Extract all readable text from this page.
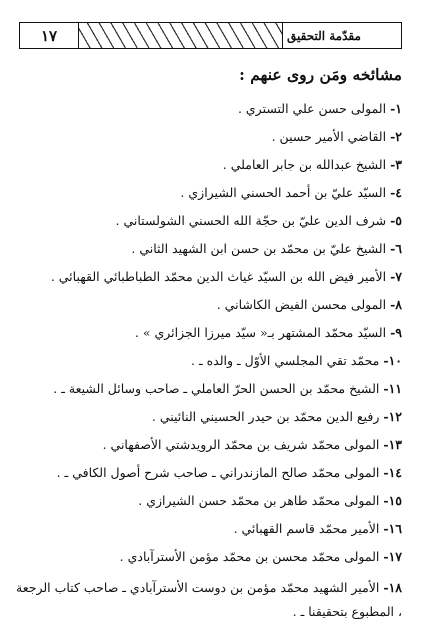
١٧	مقدّمة التحقيق
مشائخه ومَن روى عنهم :
١- المولى حسن علي التستري .
٢- القاضي الأمير حسين .
٣- الشيخ عبدالله بن جابر العاملي .
٤- السيّد عليّ بن أحمد الحسني الشيرازي .
٥- شرف الدين عليّ بن حجّة الله الحسني الشولستاني .
٦- الشيخ عليّ بن محمّد بن حسن ابن الشهيد الثاني .
٧- الأمير فيض الله بن السيّد غياث الدين محمّد الطباطبائي القهبائي .
٨- المولى محسن الفيض الكاشاني .
٩- السيّد محمّد المشتهر بـ« سيّد ميرزا الجزائري » .
١٠- محمّد تقي المجلسي الأوّل ـ والده ـ .
١١- الشيخ محمّد بن الحسن الحرّ العاملي ـ صاحب وسائل الشيعة ـ .
١٢- رفيع الدين محمّد بن حيدر الحسيني النائيني .
١٣- المولى محمّد شريف بن محمّد الرويدشتي الأصفهاني .
١٤- المولى محمّد صالح المازندراني ـ صاحب شرح أُصول الكافي ـ .
١٥- المولى محمّد طاهر بن محمّد حسن الشيرازي .
١٦- الأمير محمّد قاسم القهبائي .
١٧- المولى محمّد محسن بن محمّد مؤمن الأسترآبادي .
١٨- الأمير الشهيد محمّد مؤمن بن دوست الأسترآبادي ـ صاحب كتاب الرجعة ، المطبوع بتحقيقنا ـ .
